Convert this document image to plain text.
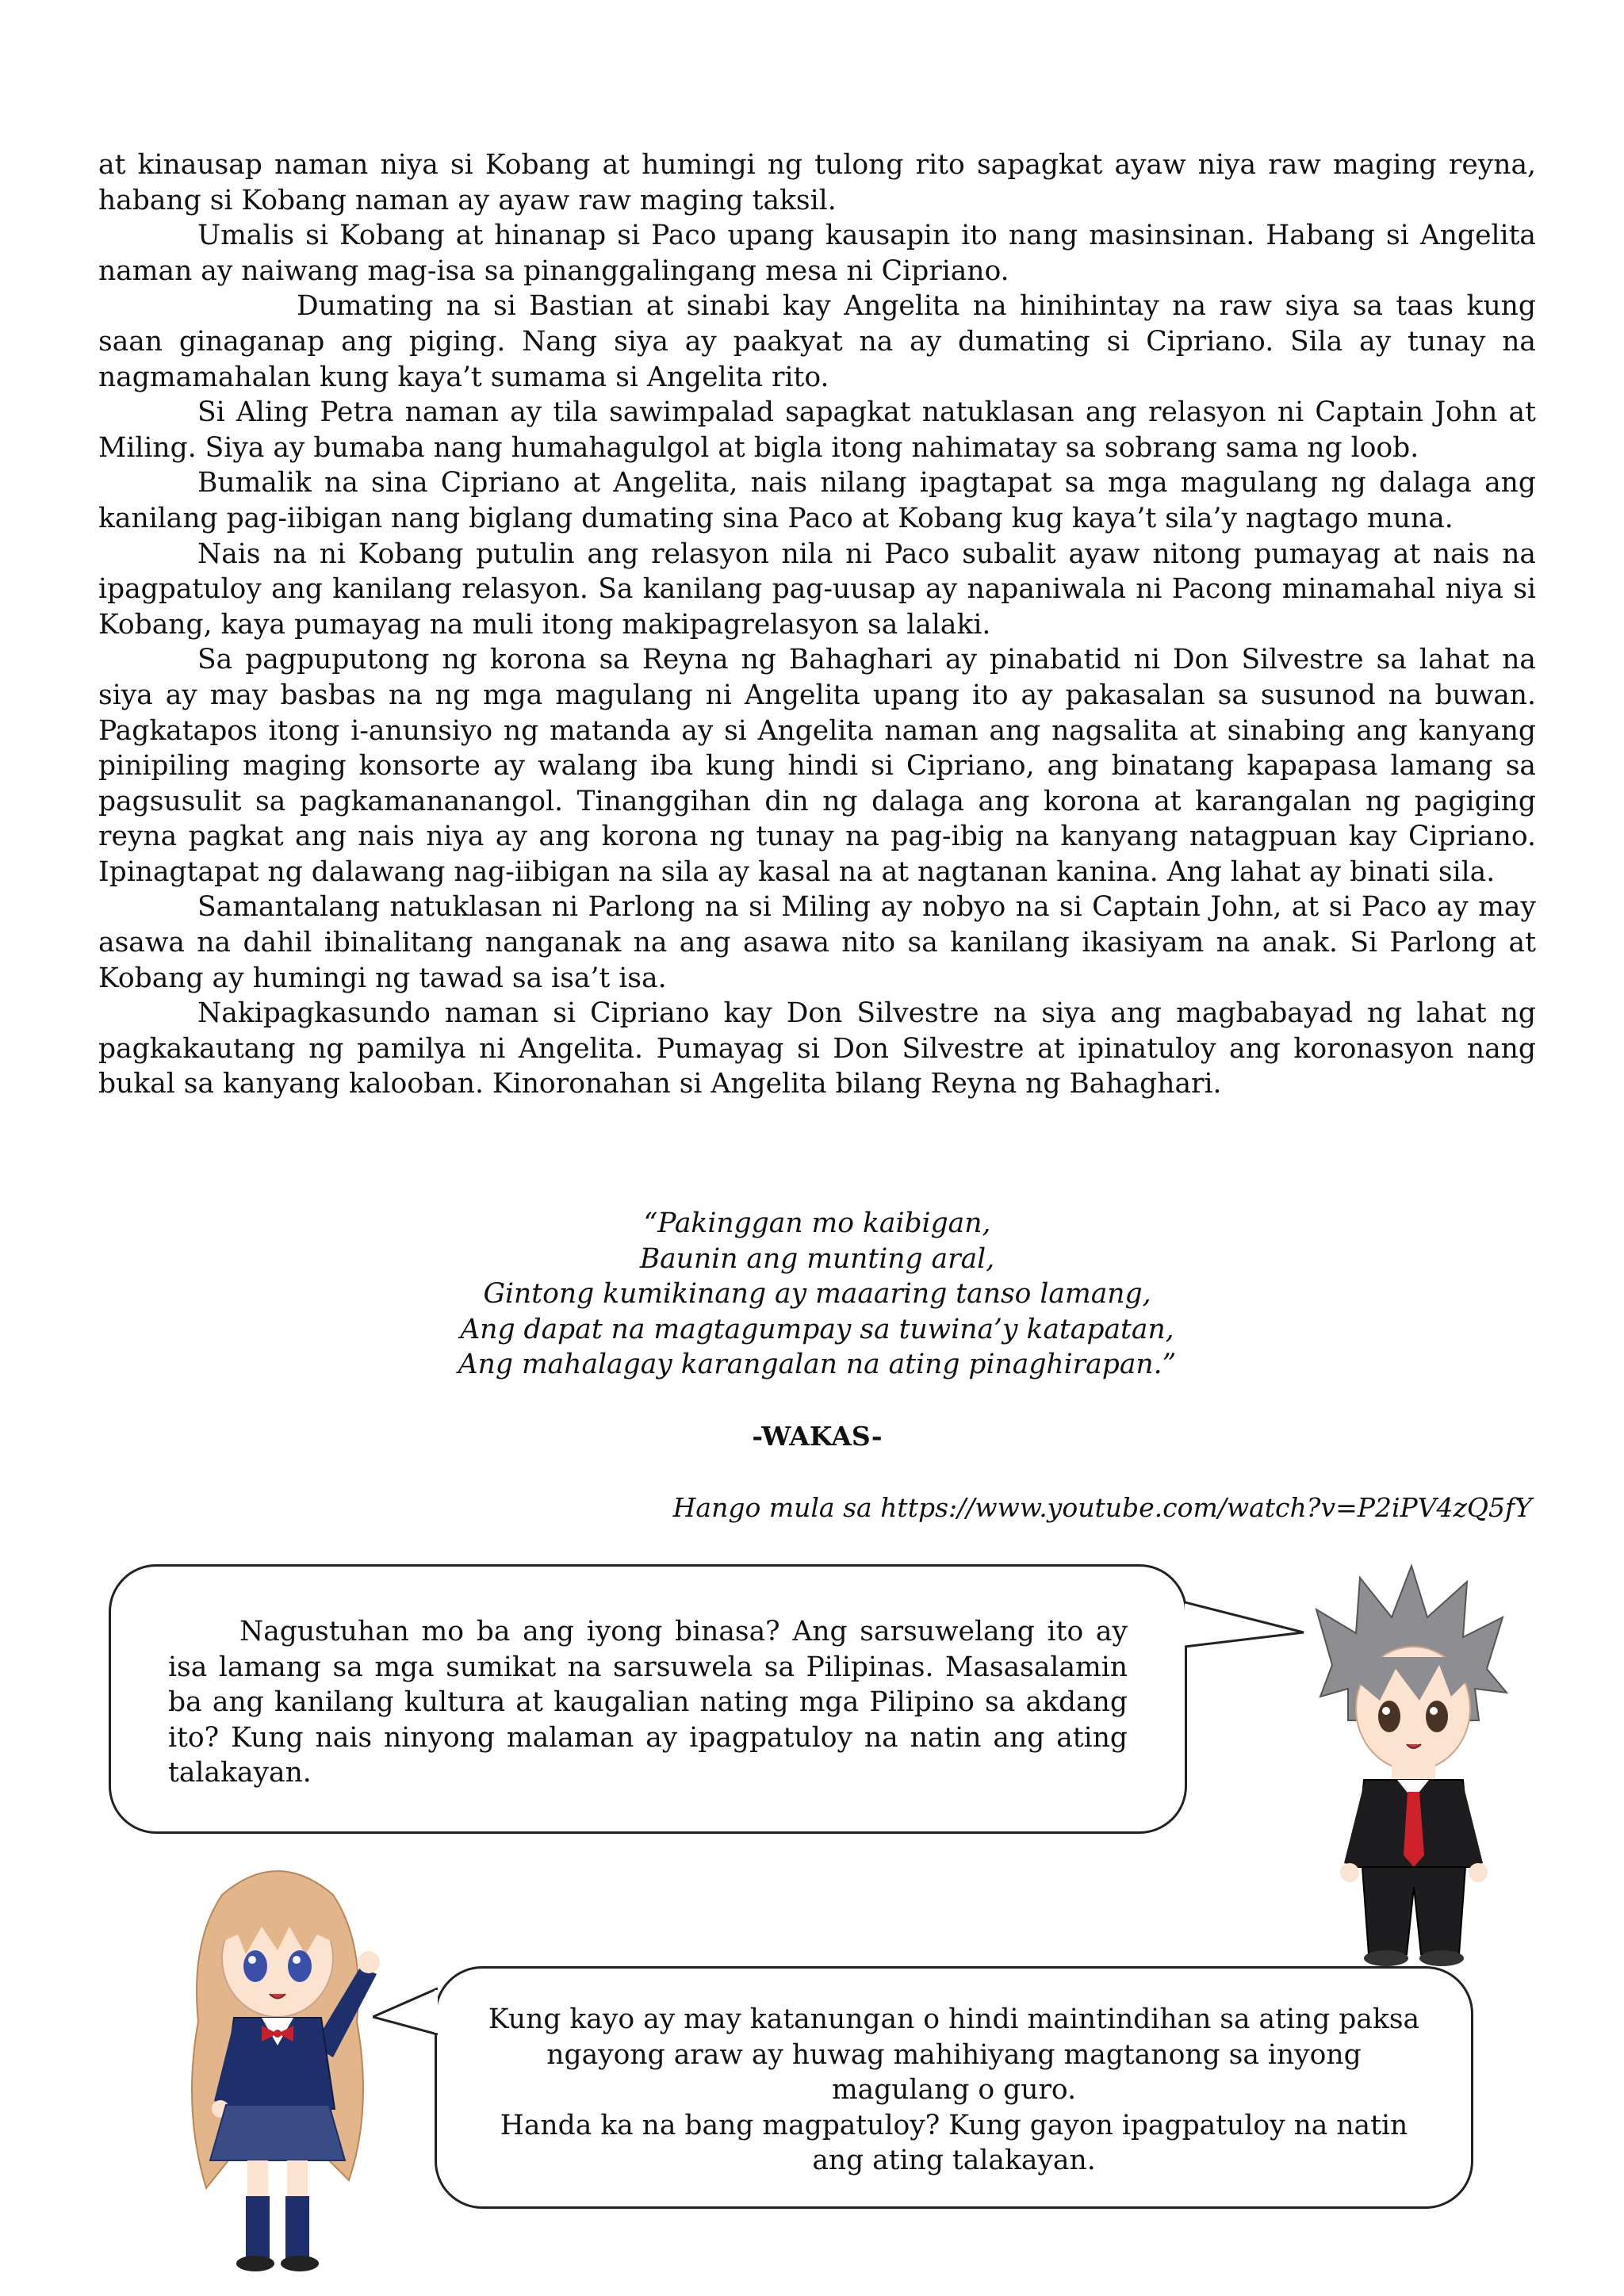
at kinausap naman niya si Kobang at humingi ng tulong rito sapagkat ayaw niya raw maging reyna, habang si Kobang naman ay ayaw raw maging taksil.

Umalis si Kobang at hinanap si Paco upang kausapin ito nang masinsinan. Habang si Angelita naman ay naiwang mag-isa sa pinanggalingang mesa ni Cipriano.

Dumating na si Bastian at sinabi kay Angelita na hinihintay na raw siya sa taas kung saan ginaganap ang piging. Nang siya ay paakyat na ay dumating si Cipriano. Sila ay tunay na nagmamahalan kung kaya’t sumama si Angelita rito.

Si Aling Petra naman ay tila sawimpalad sapagkat natuklasan ang relasyon ni Captain John at Miling. Siya ay bumaba nang humahagulgol at bigla itong nahimatay sa sobrang sama ng loob.

Bumalik na sina Cipriano at Angelita, nais nilang ipagtapat sa mga magulang ng dalaga ang kanilang pag-iibigan nang biglang dumating sina Paco at Kobang kug kaya’t sila’y nagtago muna.

Nais na ni Kobang putulin ang relasyon nila ni Paco subalit ayaw nitong pumayag at nais na ipagpatuloy ang kanilang relasyon. Sa kanilang pag-uusap ay napaniwala ni Pacong minamahal niya si Kobang, kaya pumayag na muli itong makipagrelasyon sa lalaki.

Sa pagpuputong ng korona sa Reyna ng Bahaghari ay pinabatid ni Don Silvestre sa lahat na siya ay may basbas na ng mga magulang ni Angelita upang ito ay pakasalan sa susunod na buwan. Pagkatapos itong i-anunsiyo ng matanda ay si Angelita naman ang nagsalita at sinabing ang kanyang pinipiling maging konsorte ay walang iba kung hindi si Cipriano, ang binatang kapapasa lamang sa pagsusulit sa pagkamananangol. Tinanggihan din ng dalaga ang korona at karangalan ng pagiging reyna pagkat ang nais niya ay ang korona ng tunay na pag-ibig na kanyang natagpuan kay Cipriano. Ipinagtapat ng dalawang nag-iibigan na sila ay kasal na at nagtanan kanina. Ang lahat ay binati sila.

Samantalang natuklasan ni Parlong na si Miling ay nobyo na si Captain John, at si Paco ay may asawa na dahil ibinalitang nanganak na ang asawa nito sa kanilang ikasiyam na anak. Si Parlong at Kobang ay humingi ng tawad sa isa’t isa.

Nakipagkasundo naman si Cipriano kay Don Silvestre na siya ang magbabayad ng lahat ng pagkakautang ng pamilya ni Angelita. Pumayag si Don Silvestre at ipinatuloy ang koronasyon nang bukal sa kanyang kalooban. Kinoronahan si Angelita bilang Reyna ng Bahaghari.

“Pakinggan mo kaibigan,
Baunin ang munting aral,
Gintong kumikinang ay maaaring tanso lamang,
Ang dapat na magtagumpay sa tuwina’y katapatan,
Ang mahalagay karangalan na ating pinaghirapan.”
-WAKAS-
Hango mula sa https://www.youtube.com/watch?v=P2iPV4zQ5fY

Nagustuhan mo ba ang iyong binasa? Ang sarsuwelang ito ay isa lamang sa mga sumikat na sarsuwela sa Pilipinas. Masasalamin ba ang kanilang kultura at kaugalian nating mga Pilipino sa akdang ito? Kung nais ninyong malaman ay ipagpatuloy na natin ang ating talakayan.

Kung kayo ay may katanungan o hindi maintindihan sa ating paksa ngayong araw ay huwag mahihiyang magtanong sa inyong magulang o guro.

Handa ka na bang magpatuloy? Kung gayon ipagpatuloy na natin ang ating talakayan.
